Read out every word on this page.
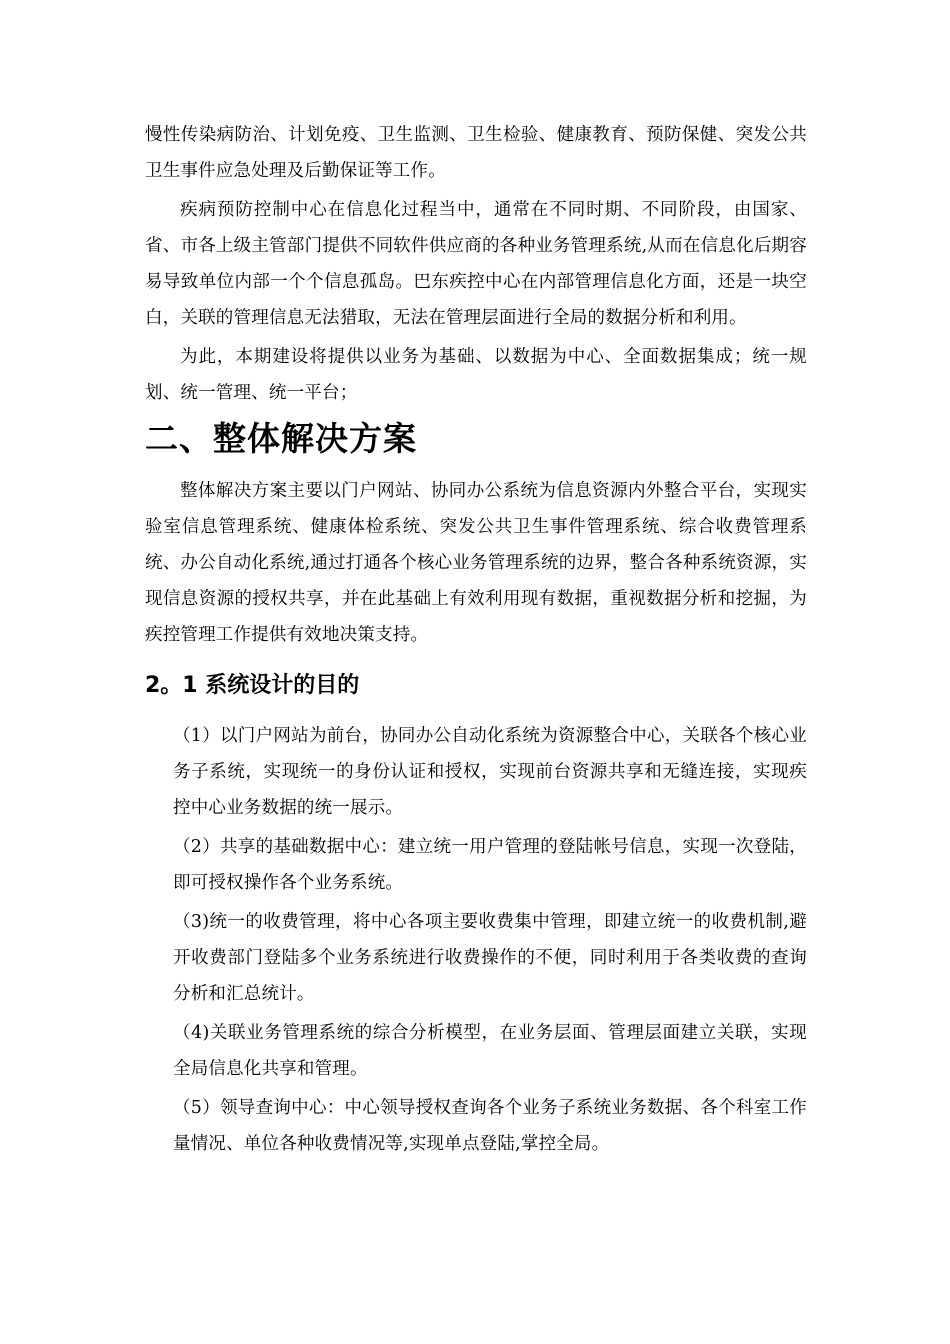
慢性传染病防治、计划免疫、卫生监测、卫生检验、健康教育、预防保健、突发公共卫生事件应急处理及后勤保证等工作。

疾病预防控制中心在信息化过程当中，通常在不同时期、不同阶段，由国家、省、市各上级主管部门提供不同软件供应商的各种业务管理系统,从而在信息化后期容易导致单位内部一个个信息孤岛。巴东疾控中心在内部管理信息化方面，还是一块空白，关联的管理信息无法猎取，无法在管理层面进行全局的数据分析和利用。

为此，本期建设将提供以业务为基础、以数据为中心、全面数据集成；统一规划、统一管理、统一平台；

二、整体解决方案

整体解决方案主要以门户网站、协同办公系统为信息资源内外整合平台，实现实验室信息管理系统、健康体检系统、突发公共卫生事件管理系统、综合收费管理系统、办公自动化系统,通过打通各个核心业务管理系统的边界，整合各种系统资源，实现信息资源的授权共享，并在此基础上有效利用现有数据，重视数据分析和挖掘，为疾控管理工作提供有效地决策支持。

2。1 系统设计的目的

（1）以门户网站为前台，协同办公自动化系统为资源整合中心，关联各个核心业务子系统，实现统一的身份认证和授权，实现前台资源共享和无缝连接，实现疾控中心业务数据的统一展示。

（2）共享的基础数据中心：建立统一用户管理的登陆帐号信息，实现一次登陆，即可授权操作各个业务系统。

（3)统一的收费管理，将中心各项主要收费集中管理，即建立统一的收费机制,避开收费部门登陆多个业务系统进行收费操作的不便，同时利用于各类收费的查询分析和汇总统计。

（4)关联业务管理系统的综合分析模型，在业务层面、管理层面建立关联，实现全局信息化共享和管理。

（5）领导查询中心：中心领导授权查询各个业务子系统业务数据、各个科室工作量情况、单位各种收费情况等,实现单点登陆,掌控全局。
